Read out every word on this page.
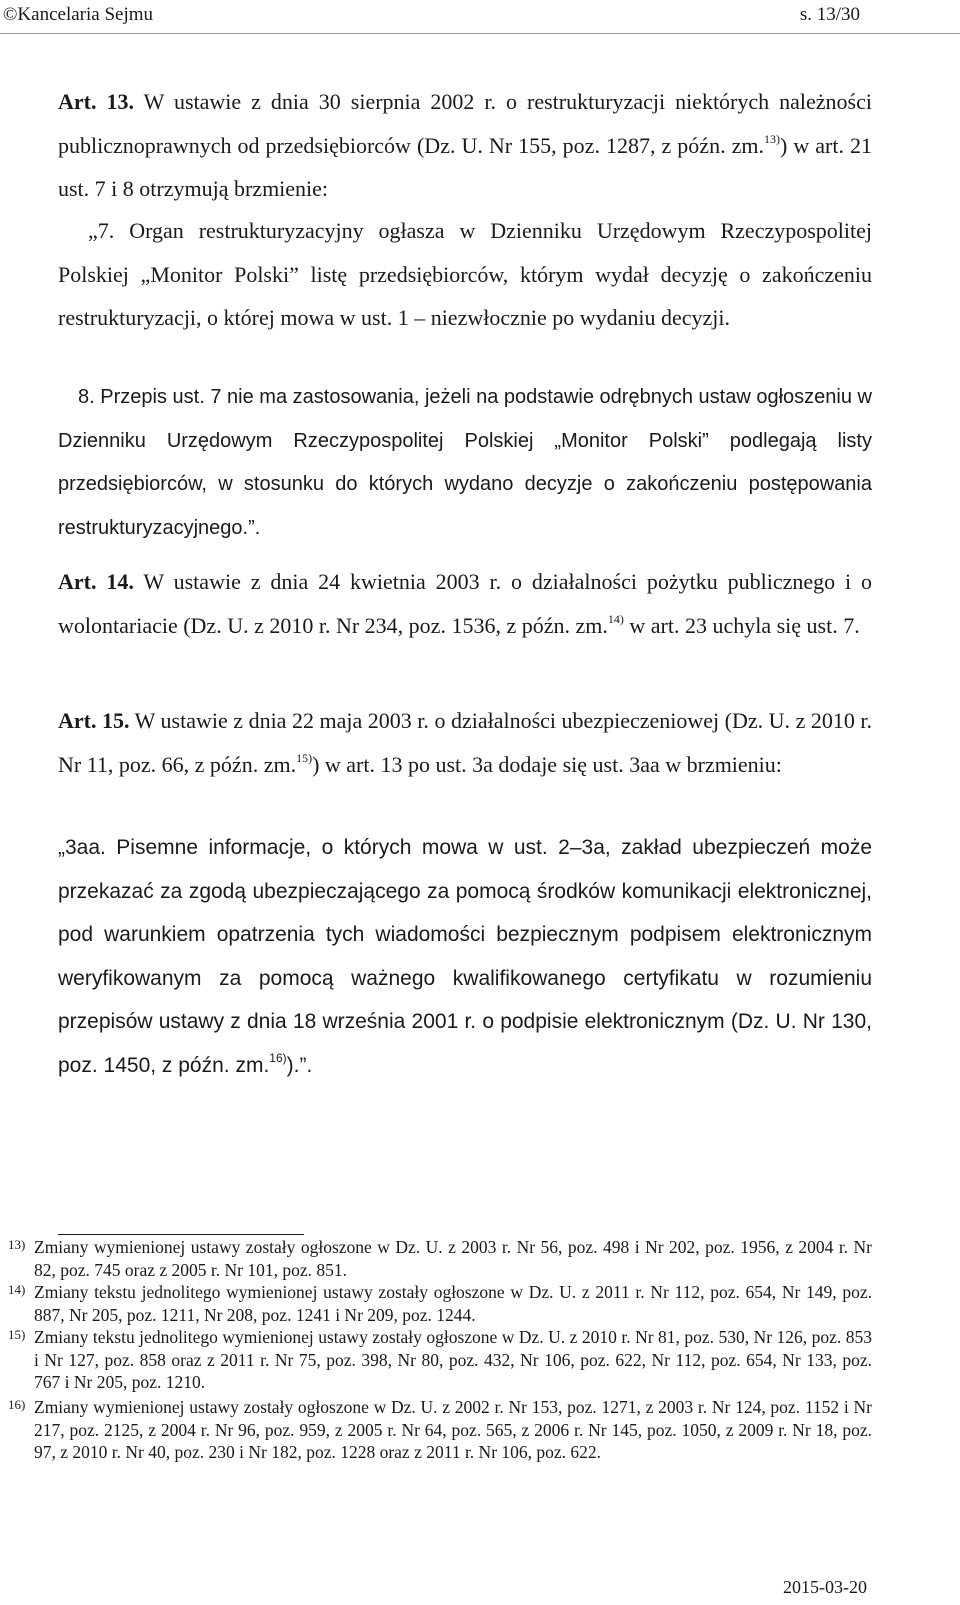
©Kancelaria Sejmu	s. 13/30

Art. 13. W ustawie z dnia 30 sierpnia 2002 r. o restrukturyzacji niektórych należności publicznoprawnych od przedsiębiorców (Dz. U. Nr 155, poz. 1287, z późn. zm.$^{13)}$) w art. 21 ust. 7 i 8 otrzymują brzmienie:

„7. Organ restrukturyzacyjny ogłasza w Dzienniku Urzędowym Rzeczypospolitej Polskiej „Monitor Polski” listę przedsiębiorców, którym wydał decyzję o zakończeniu restrukturyzacji, o której mowa w ust. 1 – niezwłocznie po wydaniu decyzji.

8. Przepis ust. 7 nie ma zastosowania, jeżeli na podstawie odrębnych ustaw ogłoszeniu w Dzienniku Urzędowym Rzeczypospolitej Polskiej „Monitor Polski” podlegają listy przedsiębiorców, w stosunku do których wydano decyzje o zakończeniu postępowania restrukturyzacyjnego.”.

Art. 14. W ustawie z dnia 24 kwietnia 2003 r. o działalności pożytku publicznego i o wolontariacie (Dz. U. z 2010 r. Nr 234, poz. 1536, z późn. zm.$^{14)}$ w art. 23 uchyla się ust. 7.

Art. 15. W ustawie z dnia 22 maja 2003 r. o działalności ubezpieczeniowej (Dz. U. z 2010 r. Nr 11, poz. 66, z późn. zm.$^{15)}$) w art. 13 po ust. 3a dodaje się ust. 3aa w brzmieniu:

„3aa. Pisemne informacje, o których mowa w ust. 2–3a, zakład ubezpieczeń może przekazać za zgodą ubezpieczającego za pomocą środków komunikacji elektronicznej, pod warunkiem opatrzenia tych wiadomości bezpiecznym podpisem elektronicznym weryfikowanym za pomocą ważnego kwalifikowanego certyfikatu w rozumieniu przepisów ustawy z dnia 18 września 2001 r. o podpisie elektronicznym (Dz. U. Nr 130, poz. 1450, z późn. zm.$^{16)}$).”.

13) Zmiany wymienionej ustawy zostały ogłoszone w Dz. U. z 2003 r. Nr 56, poz. 498 i Nr 202, poz. 1956, z 2004 r. Nr 82, poz. 745 oraz z 2005 r. Nr 101, poz. 851.
14) Zmiany tekstu jednolitego wymienionej ustawy zostały ogłoszone w Dz. U. z 2011 r. Nr 112, poz. 654, Nr 149, poz. 887, Nr 205, poz. 1211, Nr 208, poz. 1241 i Nr 209, poz. 1244.
15) Zmiany tekstu jednolitego wymienionej ustawy zostały ogłoszone w Dz. U. z 2010 r. Nr 81, poz. 530, Nr 126, poz. 853 i Nr 127, poz. 858 oraz z 2011 r. Nr 75, poz. 398, Nr 80, poz. 432, Nr 106, poz. 622, Nr 112, poz. 654, Nr 133, poz. 767 i Nr 205, poz. 1210.
16) Zmiany wymienionej ustawy zostały ogłoszone w Dz. U. z 2002 r. Nr 153, poz. 1271, z 2003 r. Nr 124, poz. 1152 i Nr 217, poz. 2125, z 2004 r. Nr 96, poz. 959, z 2005 r. Nr 64, poz. 565, z 2006 r. Nr 145, poz. 1050, z 2009 r. Nr 18, poz. 97, z 2010 r. Nr 40, poz. 230 i Nr 182, poz. 1228 oraz z 2011 r. Nr 106, poz. 622.
2015-03-20
